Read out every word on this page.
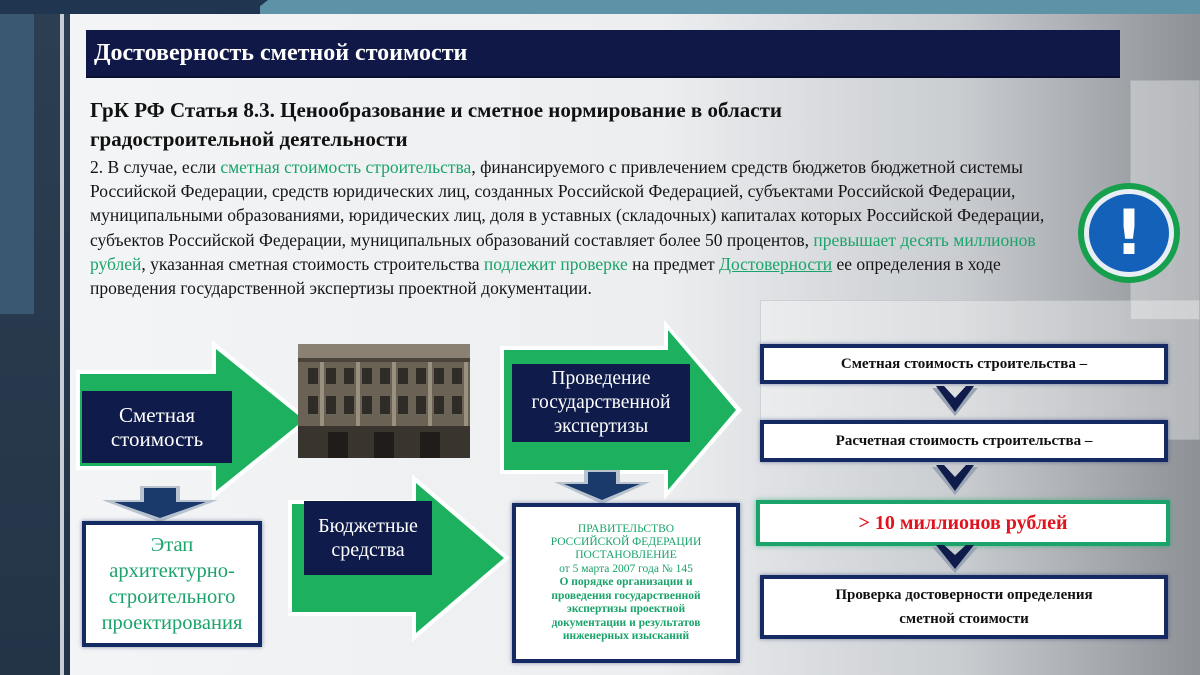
Достоверность сметной стоимости
ГрК РФ Статья 8.3. Ценообразование и сметное нормирование в области
градостроительной деятельности
2. В случае, если сметная стоимость строительства, финансируемого с привлечением средств бюджетов бюджетной системы Российской Федерации, средств юридических лиц, созданных Российской Федерацией, субъектами Российской Федерации, муниципальными образованиями, юридических лиц, доля в уставных (складочных) капиталах которых Российской Федерации, субъектов Российской Федерации, муниципальных образований составляет более 50 процентов, превышает десять миллионов рублей, указанная сметная стоимость строительства подлежит проверке на предмет Достоверности ее определения в ходе проведения государственной экспертизы проектной документации.
!
Сметная
стоимость
Этап
архитектурно-
строительного
проектирования
Бюджетные
средства
Проведение
государственной
экспертизы
ПРАВИТЕЛЬСТВО
РОССИЙСКОЙ ФЕДЕРАЦИИ
ПОСТАНОВЛЕНИЕ
от 5 марта 2007 года № 145
О порядке организации и
проведения государственной
экспертизы проектной
документации и результатов
инженерных изысканий
Сметная стоимость строительства –
Расчетная стоимость строительства –
> 10 миллионов рублей
Проверка достоверности определения
сметной стоимости
